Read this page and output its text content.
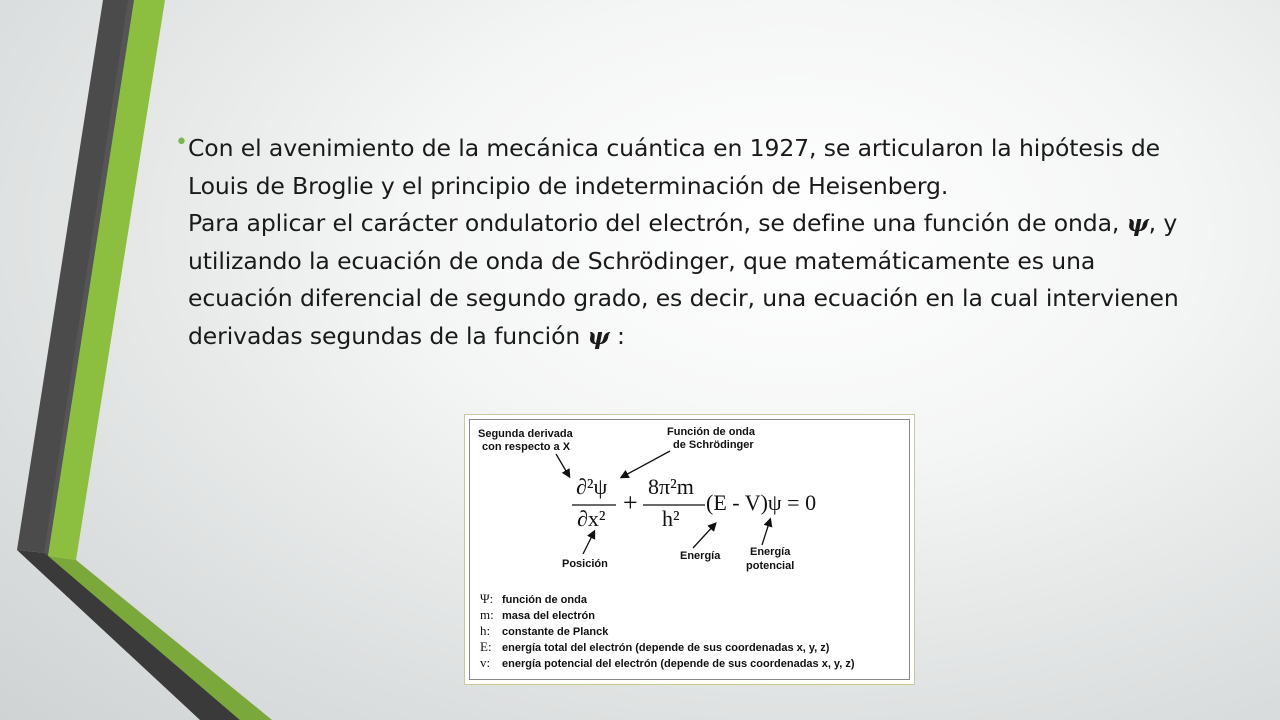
• Con el avenimiento de la mecánica cuántica en 1927, se articularon la hipótesis de Louis de Broglie y el principio de indeterminación de Heisenberg.
Para aplicar el carácter ondulatorio del electrón, se define una función de onda, ψ, y utilizando la ecuación de onda de Schrödinger, que matemáticamente es una ecuación diferencial de segundo grado, es decir, una ecuación en la cual intervienen derivadas segundas de la función ψ :
Segunda derivada
con respecto a X
Función de onda
de Schrödinger
∂²ψ
∂x²
+
8π²m
h²
(E - V)ψ = 0
Posición
Energía	Energía
potencial
Ψ: función de onda
m: masa del electrón
h: constante de Planck
E: energía total del electrón (depende de sus coordenadas x, y, z)
v: energía potencial del electrón (depende de sus coordenadas x, y, z)
